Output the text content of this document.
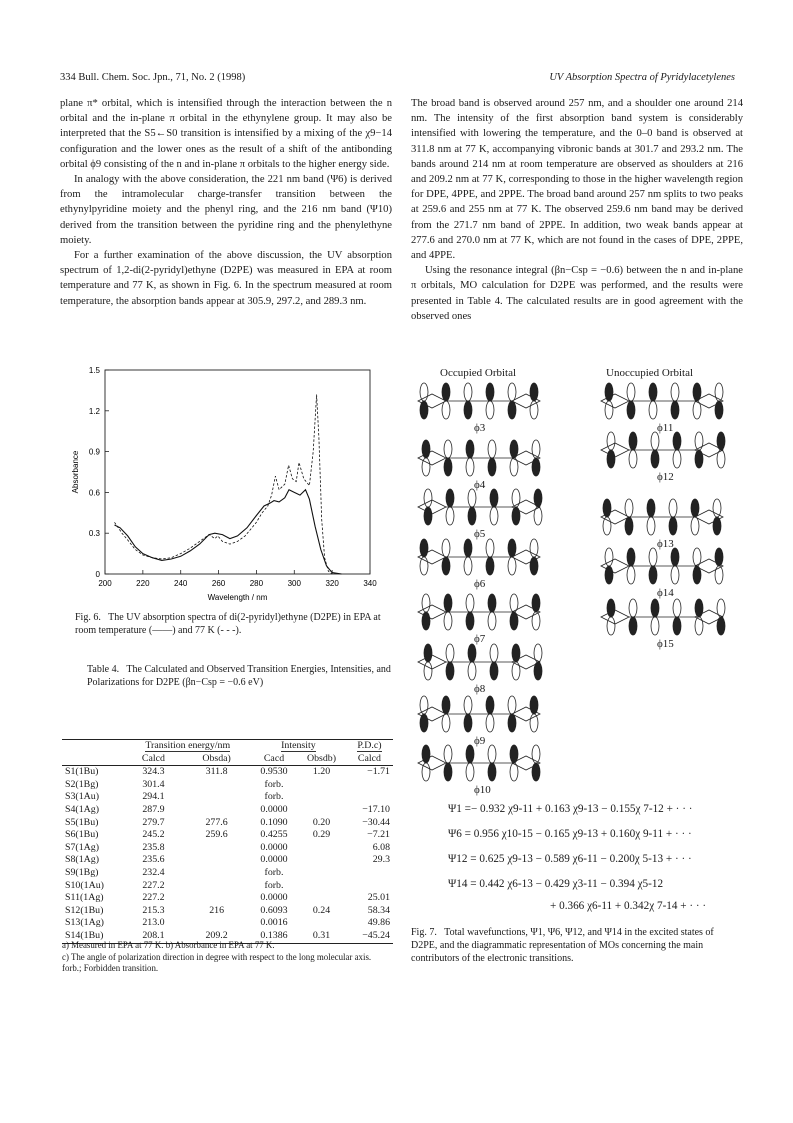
334 Bull. Chem. Soc. Jpn., 71, No. 2 (1998)	UV Absorption Spectra of Pyridylacetylenes

plane π* orbital, which is intensified through the interaction between the n orbital and the in-plane π orbital in the ethynylene group. It may also be interpreted that the S5←S0 transition is intensified by a mixing of the χ9−14 configuration and the lower ones as the result of a shift of the antibonding orbital ϕ9 consisting of the n and in-plane π orbitals to the higher energy side.

In analogy with the above consideration, the 221 nm band (Ψ6) is derived from the intramolecular charge-transfer transition between the ethynylpyridine moiety and the phenyl ring, and the 216 nm band (Ψ10) derived from the transition between the pyridine ring and the phenylethyne moiety.

For a further examination of the above discussion, the UV absorption spectrum of 1,2-di(2-pyridyl)ethyne (D2PE) was measured in EPA at room temperature and 77 K, as shown in Fig. 6. In the spectrum measured at room temperature, the absorption bands appear at 305.9, 297.2, and 289.3 nm.

The broad band is observed around 257 nm, and a shoulder one around 214 nm. The intensity of the first absorption band system is considerably intensified with lowering the temperature, and the 0–0 band is observed at 311.8 nm at 77 K, accompanying vibronic bands at 301.7 and 293.2 nm. The bands around 214 nm at room temperature are observed as shoulders at 216 and 209.2 nm at 77 K, corresponding to those in the higher wavelength region for DPE, 4PPE, and 2PPE. The broad band around 257 nm splits to two peaks at 259.6 and 255 nm at 77 K. The observed 259.6 nm band may be derived from the 271.7 nm band of 2PPE. In addition, two weak bands appear at 277.6 and 270.0 nm at 77 K, which are not found in the cases of DPE, 2PPE, and 4PPE.

Using the resonance integral (βn−Csp = −0.6) between the n and in-plane π orbitals, MO calculation for D2PE was performed, and the results were presented in Table 4. The calculated results are in good agreement with the observed ones

200	220	240	260	280	300	320	340
0
0.3
0.6
0.9
1.2
1.5
Wavelength / nm
Absorbance
Fig. 6. The UV absorption spectra of di(2-pyridyl)ethyne (D2PE) in EPA at room temperature (——) and 77 K (- - -).
Table 4. The Calculated and Observed Transition Energies, Intensities, and Polarizations for D2PE (βn−Csp = −0.6 eV)
	Transition energy/nm		Intensity		P.D.c)
	Calcd	Obsda)	Cacd	Obsdb)	Calcd
S1(1Bu)	324.3	311.8	0.9530	1.20	−1.71
S2(1Bg)	301.4		forb.		
S3(1Au)	294.1		forb.		
S4(1Ag)	287.9		0.0000		−17.10
S5(1Bu)	279.7	277.6	0.1090	0.20	−30.44
S6(1Bu)	245.2	259.6	0.4255	0.29	−7.21
S7(1Ag)	235.8		0.0000		6.08
S8(1Ag)	235.6		0.0000		29.3
S9(1Bg)	232.4		forb.		
S10(1Au)	227.2		forb.		
S11(1Ag)	227.2		0.0000		25.01
S12(1Bu)	215.3	216	0.6093	0.24	58.34
S13(1Ag)	213.0		0.0016		49.86
S14(1Bu)	208.1	209.2	0.1386	0.31	−45.24
a) Measured in EPA at 77 K. b) Absorbance in EPA at 77 K.
c) The angle of polarization direction in degree with respect to the long molecular axis. forb.; Forbidden transition.
Occupied Orbital	Unoccupied Orbital
ϕ3
ϕ4
ϕ5
ϕ6
ϕ7
ϕ8
ϕ9
ϕ10
ϕ11
ϕ12
ϕ13
ϕ14
ϕ15
Ψ1 =− 0.932 χ9-11 + 0.163 χ9-13 − 0.155χ 7-12 + · · ·
Ψ6 = 0.956 χ10-15 − 0.165 χ9-13 + 0.160χ 9-11 + · · ·
Ψ12 = 0.625 χ9-13 − 0.589 χ6-11 − 0.200χ 5-13 + · · ·
Ψ14 = 0.442 χ6-13 − 0.429 χ3-11 − 0.394 χ5-12
+ 0.366 χ6-11 + 0.342χ 7-14 + · · ·
Fig. 7. Total wavefunctions, Ψ1, Ψ6, Ψ12, and Ψ14 in the excited states of D2PE, and the diagrammatic representation of MOs concerning the main contributors of the electronic transitions.
